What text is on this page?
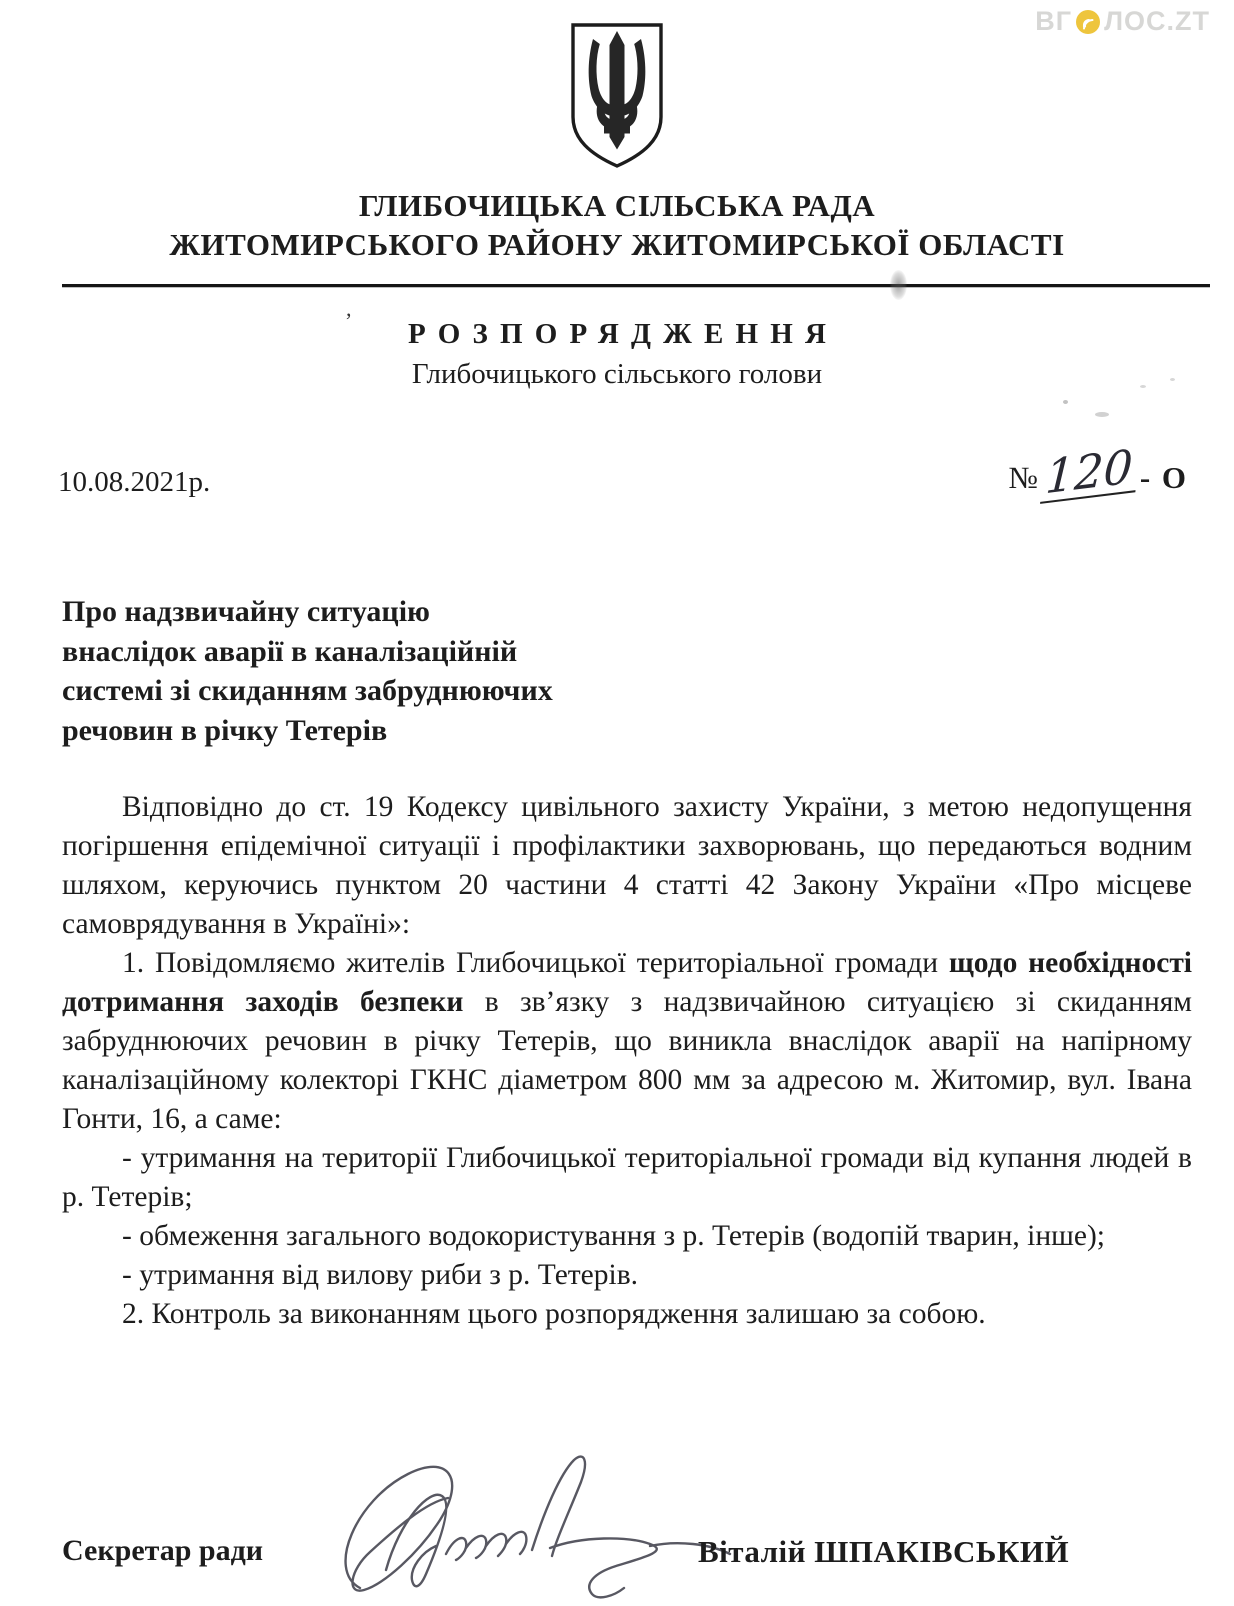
ВГ ЛОС.ZT
ГЛИБОЧИЦЬКА СІЛЬСЬКА РАДА
ЖИТОМИРСЬКОГО РАЙОНУ ЖИТОМИРСЬКОЇ ОБЛАСТІ
,
РОЗПОРЯДЖЕННЯ
Глибочицького сільського голови
10.08.2021р.	№ 120 - О
Про надзвичайну ситуацію
внаслідок аварії в каналізаційній
системі зі скиданням забруднюючих
речовин в річку Тетерів

Відповідно до ст. 19 Кодексу цивільного захисту України, з метою недопущення погіршення епідемічної ситуації і профілактики захворювань, що передаються водним шляхом, керуючись пунктом 20 частини 4 статті 42 Закону України «Про місцеве самоврядування в Україні»:

1. Повідомляємо жителів Глибочицької територіальної громади щодо необхідності дотримання заходів безпеки в зв’язку з надзвичайною ситуацією зі скиданням забруднюючих речовин в річку Тетерів, що виникла внаслідок аварії на напірному каналізаційному колекторі ГКНС діаметром 800 мм за адресою м. Житомир, вул. Івана Гонти, 16, а саме:

- утримання на території Глибочицької територіальної громади від купання людей в р. Тетерів;

- обмеження загального водокористування з р. Тетерів (водопій тварин, інше);

- утримання від вилову риби з р. Тетерів.

2. Контроль за виконанням цього розпорядження залишаю за собою.

Секретар ради	Віталій ШПАКІВСЬКИЙ
